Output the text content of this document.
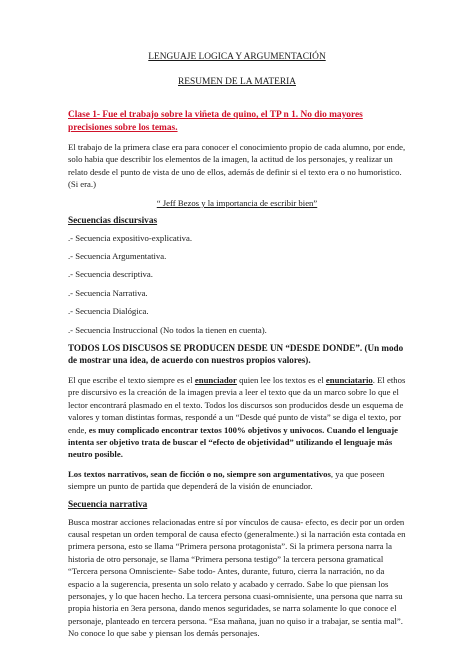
LENGUAJE LOGICA Y ARGUMENTACIÓN

RESUMEN DE LA MATERIA

Clase 1- Fue el trabajo sobre la viñeta de quino, el TP n 1. No dio mayores precisiones sobre los temas.

El trabajo de la primera clase era para conocer el conocimiento propio de cada alumno, por ende, solo habia que describir los elementos de la imagen, la actitud de los personajes, y realizar un relato desde el punto de vista de uno de ellos, además de definir si el texto era o no humoristico. (Si era.)

“ Jeff Bezos y la importancia de escribir bien”

Secuencias discursivas

.- Secuencia expositivo-explicativa.

.- Secuencia Argumentativa.

.- Secuencia descriptiva.

.- Secuencia Narrativa.

.- Secuencia Dialógica.

.- Secuencia Instruccional (No todos la tienen en cuenta).

TODOS LOS DISCUSOS SE PRODUCEN DESDE UN “DESDE DONDE”. (Un modo de mostrar una idea, de acuerdo con nuestros propios valores).

El que escribe el texto siempre es el enunciador quien lee los textos es el enunciatario. El ethos pre discursivo es la creación de la imagen previa a leer el texto que da un marco sobre lo que el lector encontrará plasmado en el texto. Todos los discursos son producidos desde un esquema de valores y toman distintas formas, respondé a un “Desde qué punto de vista” se diga el texto, por ende, es muy complicado encontrar textos 100% objetivos y univocos. Cuando el lenguaje intenta ser objetivo trata de buscar el “efecto de objetividad” utilizando el lenguaje más neutro posible.

Los textos narrativos, sean de ficción o no, siempre son argumentativos, ya que poseen siempre un punto de partida que dependerá de la visión de enunciador.

Secuencia narrativa

Busca mostrar acciones relacionadas entre sí por vínculos de causa- efecto, es decir por un orden causal respetan un orden temporal de causa efecto (generalmente.) si la narración esta contada en primera persona, esto se llama “Primera persona protagonista”. Si la primera persona narra la historia de otro personaje, se llama “Primera persona testigo” la tercera persona gramatical “Tercera persona Omnisciente- Sabe todo- Antes, durante, futuro, cierra la narración, no da espacio a la sugerencia, presenta un solo relato y acabado y cerrado. Sabe lo que piensan los personajes, y lo que hacen hecho. La tercera persona cuasi-omnisiente, una persona que narra su propia historia en 3era persona, dando menos seguridades, se narra solamente lo que conoce el personaje, planteado en tercera persona. “Esa mañana, juan no quiso ir a trabajar, se sentia mal”. No conoce lo que sabe y piensan los demás personajes.
